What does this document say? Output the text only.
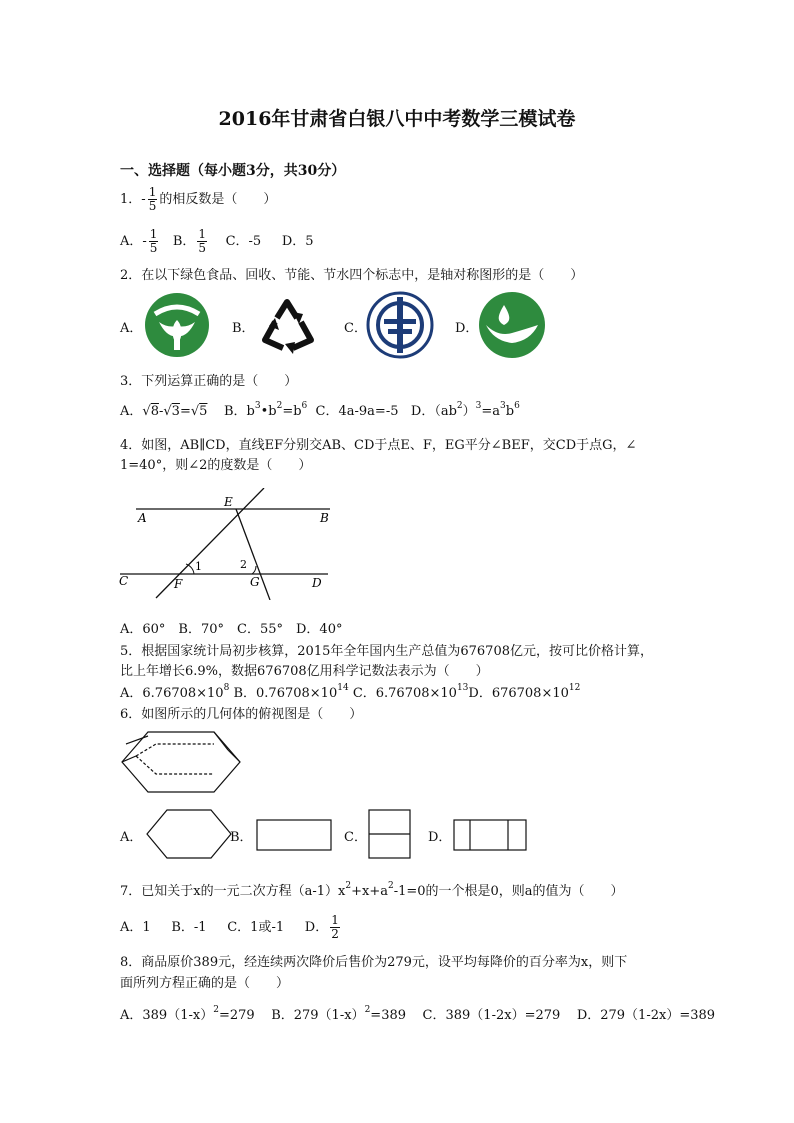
2016年甘肃省白银八中中考数学三模试卷
一、选择题（每小题3分，共30分）
1．- $\frac{1}{5}$ 的相反数是（　　）
A．- $\frac{1}{5}$ B． $\frac{1}{5}$ C．-5 D．5
2．在以下绿色食品、回收、节能、节水四个标志中，是轴对称图形的是（　　）
A．	B．	C．	D．
3．下列运算正确的是（　　）
A．√8-√3=√5 B．$b^3•b^2=b^6$ C．4a-9a=-5 D．$(ab^2)^3=a^3b^6$
4．如图，AB∥CD，直线EF分别交AB、CD于点E、F，EG平分∠BEF，交CD于点G，∠
1=40°，则∠2的度数是（　　）
A	B
C	D
E
F	G
1	2
A．60°　B．70°　C．55°　D．40°
5．根据国家统计局初步核算，2015年全年国内生产总值为676708亿元，按可比价格计算，
比上年增长6.9%，数据676708亿用科学记数法表示为（　　）
A．$6.76708\times 10^8$ B．$0.76708\times 10^{14}$ C．$6.76708\times 10^{13}D$．$676708\times 10^{12}$
6．如图所示的几何体的俯视图是（　　）
A．	B．	C．	D．
7．已知关于x的一元二次方程$(a-1)x^2+x+a^2-1=0$的一个根是0，则a的值为（　　）
A．1 B．-1 C．1或-1 D． $\frac{1}{2}$
8．商品原价389元，经连续两次降价后售价为279元，设平均每降价的百分率为x，则下
面所列方程正确的是（　　）
A．$389(1-x)^2=279$ B．$279(1-x)^2=389$ C．389（1-2x）=279 D．279（1-2x）=389
